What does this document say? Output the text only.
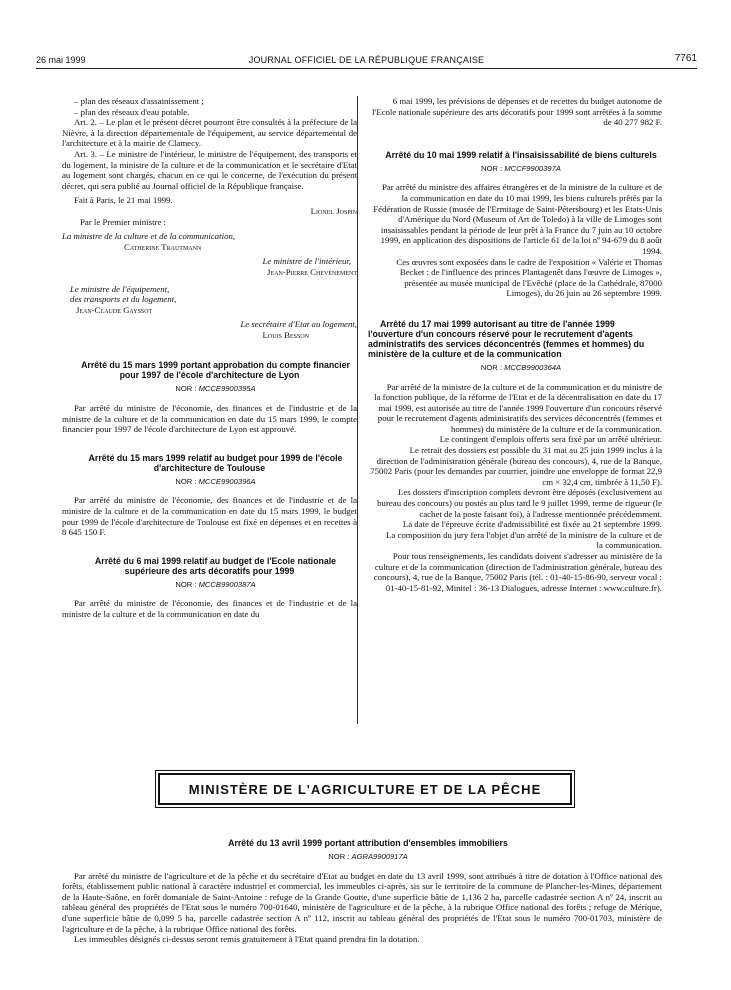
26 mai 1999	JOURNAL OFFICIEL DE LA RÉPUBLIQUE FRANÇAISE	7761

– plan des réseaux d'assainissement ;

– plan des réseaux d'eau potable.

Art. 2. – Le plan et le présent décret pourront être consultés à la préfecture de la Nièvre, à la direction départementale de l'équipement, au service départemental de l'architecture et à la mairie de Clamecy.

Art. 3. – Le ministre de l'intérieur, le ministre de l'équipement, des transports et du logement, la ministre de la culture et de la communication et le secrétaire d'Etat au logement sont chargés, chacun en ce qui le concerne, de l'exécution du présent décret, qui sera publié au Journal officiel de la République française.

Fait à Paris, le 21 mai 1999.

Lionel Jospin

Par le Premier ministre :

La ministre de la culture et de la communication,

Catherine Trautmann

Le ministre de l'intérieur,

Jean-Pierre Chevènement

Le ministre de l'équipement,

des transports et du logement,

Jean-Claude Gayssot

Le secrétaire d'Etat au logement,

Louis Besson

Arrêté du 15 mars 1999 portant approbation du compte financier pour 1997 de l'école d'architecture de Lyon

NOR : MCCE9900395A

Par arrêté du ministre de l'économie, des finances et de l'industrie et de la ministre de la culture et de la communication en date du 15 mars 1999, le compte financier pour 1997 de l'école d'architecture de Lyon est approuvé.

Arrêté du 15 mars 1999 relatif au budget pour 1999 de l'école d'architecture de Toulouse

NOR : MCCE9900396A

Par arrêté du ministre de l'économie, des finances et de l'industrie et de la ministre de la culture et de la communication en date du 15 mars 1999, le budget pour 1999 de l'école d'architecture de Toulouse est fixé en dépenses et en recettes à 8 645 150 F.

Arrêté du 6 mai 1999 relatif au budget de l'Ecole nationale supérieure des arts décoratifs pour 1999

NOR : MCCB9900387A

Par arrêté du ministre de l'économie, des finances et de l'industrie et de la ministre de la culture et de la communication en date du

6 mai 1999, les prévisions de dépenses et de recettes du budget autonome de l'Ecole nationale supérieure des arts décoratifs pour 1999 sont arrêtées à la somme de 40 277 982 F.

Arrêté du 10 mai 1999 relatif à l'insaisissabilité de biens culturels

NOR : MCCF9900397A

Par arrêté du ministre des affaires étrangères et de la ministre de la culture et de la communication en date du 10 mai 1999, les biens culturels prêtés par la Fédération de Russie (musée de l'Ermitage de Saint-Pétersbourg) et les Etats-Unis d'Amérique du Nord (Museum of Art de Toledo) à la ville de Limoges sont insaisissables pendant la période de leur prêt à la France du 7 juin au 10 octobre 1999, en application des dispositions de l'article 61 de la loi nº 94-679 du 8 août 1994.

Ces œuvres sont exposées dans le cadre de l'exposition « Valérie et Thomas Becket : de l'influence des princes Plantagenêt dans l'œuvre de Limoges », présentée au musée municipal de l'Evêché (place de la Cathédrale, 87000 Limoges), du 26 juin au 26 septembre 1999.

Arrêté du 17 mai 1999 autorisant au titre de l'année 1999 l'ouverture d'un concours réservé pour le recrutement d'agents administratifs des services déconcentrés (femmes et hommes) du ministère de la culture et de la communication

NOR : MCCB9900364A

Par arrêté de la ministre de la culture et de la communication et du ministre de la fonction publique, de la réforme de l'Etat et de la décentralisation en date du 17 mai 1999, est autorisée au titre de l'année 1999 l'ouverture d'un concours réservé pour le recrutement d'agents administratifs des services déconcentrés (femmes et hommes) du ministère de la culture et de la communication.

Le contingent d'emplois offerts sera fixé par un arrêté ultérieur.

Le retrait des dossiers est possible du 31 mai au 25 juin 1999 inclus à la direction de l'administration générale (bureau des concours), 4, rue de la Banque, 75002 Paris (pour les demandes par courrier, joindre une enveloppe de format 22,9 cm × 32,4 cm, timbrée à 11,50 F).

Les dossiers d'inscription complets devront être déposés (exclusivement au bureau des concours) ou postés au plus tard le 9 juillet 1999, terme de rigueur (le cachet de la poste faisant foi), à l'adresse mentionnée précédemment.

La date de l'épreuve écrite d'admissibilité est fixée au 21 septembre 1999.

La composition du jury fera l'objet d'un arrêté de la ministre de la culture et de la communication.

Pour tous renseignements, les candidats doivent s'adresser au ministère de la culture et de la communication (direction de l'administration générale, bureau des concours), 4, rue de la Banque, 75002 Paris (tél. : 01-40-15-86-90, serveur vocal : 01-40-15-81-92, Minitel : 36-13 Dialogues, adresse Internet : www.culture.fr).

MINISTÈRE DE L'AGRICULTURE ET DE LA PÊCHE

Arrêté du 13 avril 1999 portant attribution d'ensembles immobiliers

NOR : AGRA9900917A

Par arrêté du ministre de l'agriculture et de la pêche et du secrétaire d'Etat au budget en date du 13 avril 1999, sont attribués à titre de dotation à l'Office national des forêts, établissement public national à caractère industriel et commercial, les immeubles ci-après, sis sur le territoire de la commune de Plancher-les-Mines, département de la Haute-Saône, en forêt domaniale de Saint-Antoine : refuge de la Grande Goutte, d'une superficie bâtie de 1,136 2 ha, parcelle cadastrée section A nº 24, inscrit au tableau général des propriétés de l'Etat sous le numéro 700-01640, ministère de l'agriculture et de la pêche, à la rubrique Office national des forêts ; refuge de Mérique, d'une superficie bâtie de 0,099 5 ha, parcelle cadastrée section A nº 112, inscrit au tableau général des propriétés de l'Etat sous le numéro 700-01703, ministère de l'agriculture et de la pêche, à la rubrique Office national des forêts.

Les immeubles désignés ci-dessus seront remis gratuitement à l'Etat quand prendra fin la dotation.
